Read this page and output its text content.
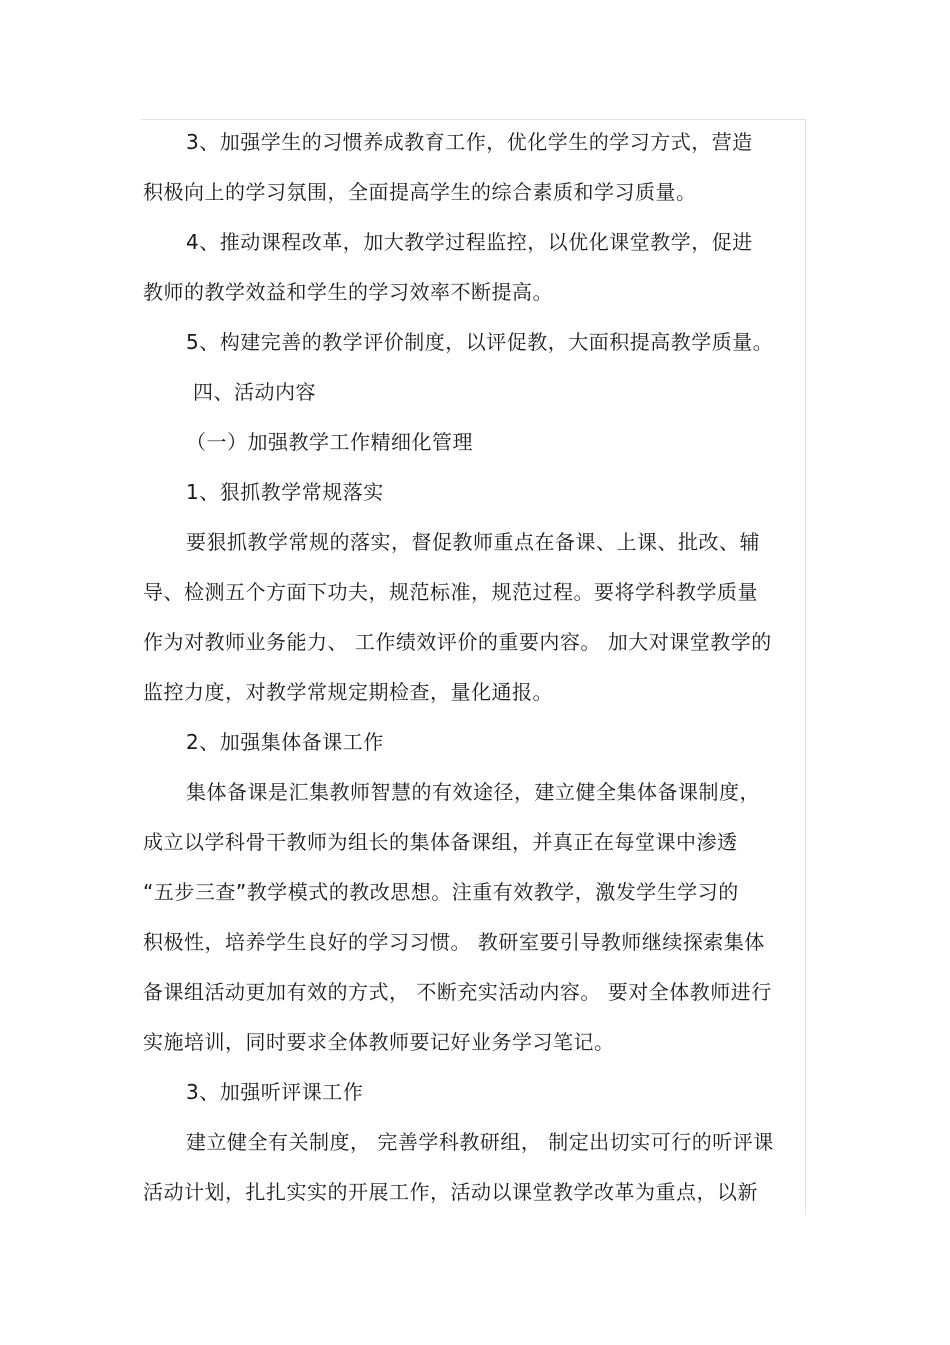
3、加强学生的习惯养成教育工作，优化学生的学习方式，营造
积极向上的学习氛围，全面提高学生的综合素质和学习质量。
4、推动课程改革，加大教学过程监控，以优化课堂教学，促进
教师的教学效益和学生的学习效率不断提高。
5、构建完善的教学评价制度，以评促教，大面积提高教学质量。
四、活动内容
（一）加强教学工作精细化管理
1、狠抓教学常规落实
要狠抓教学常规的落实，督促教师重点在备课、上课、批改、辅
导、检测五个方面下功夫，规范标准，规范过程。要将学科教学质量
作为对教师业务能力、 工作绩效评价的重要内容。 加大对课堂教学的
监控力度，对教学常规定期检查，量化通报。
2、加强集体备课工作
集体备课是汇集教师智慧的有效途径，建立健全集体备课制度，
成立以学科骨干教师为组长的集体备课组，并真正在每堂课中渗透
“五步三查”教学模式的教改思想。注重有效教学，激发学生学习的
积极性，培养学生良好的学习习惯。 教研室要引导教师继续探索集体
备课组活动更加有效的方式， 不断充实活动内容。 要对全体教师进行
实施培训，同时要求全体教师要记好业务学习笔记。
3、加强听评课工作
建立健全有关制度， 完善学科教研组， 制定出切实可行的听评课
活动计划，扎扎实实的开展工作，活动以课堂教学改革为重点，以新
